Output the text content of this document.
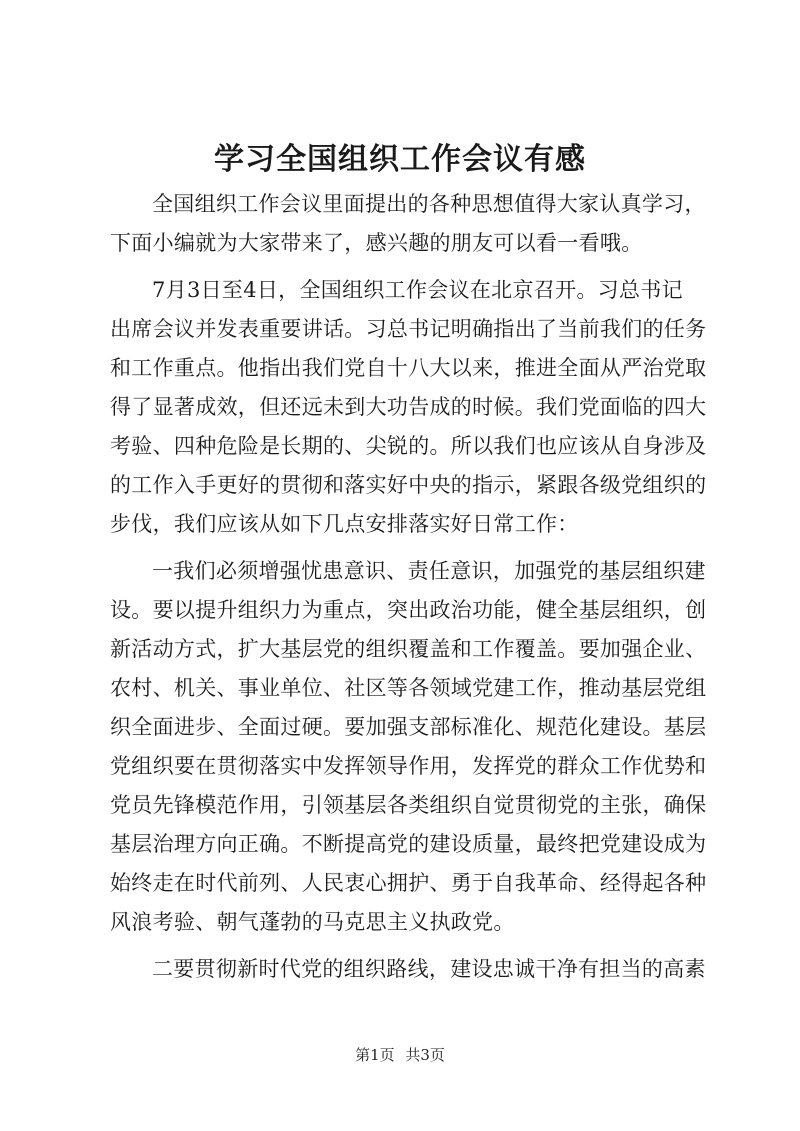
学习全国组织工作会议有感

全国组织工作会议里面提出的各种思想值得大家认真学习，
下面小编就为大家带来了，感兴趣的朋友可以看一看哦。

7月3日至4日，全国组织工作会议在北京召开。习总书记
出席会议并发表重要讲话。习总书记明确指出了当前我们的任务
和工作重点。他指出我们党自十八大以来，推进全面从严治党取
得了显著成效，但还远未到大功告成的时候。我们党面临的四大
考验、四种危险是长期的、尖锐的。所以我们也应该从自身涉及
的工作入手更好的贯彻和落实好中央的指示，紧跟各级党组织的
步伐，我们应该从如下几点安排落实好日常工作：

一我们必须增强忧患意识、责任意识，加强党的基层组织建
设。要以提升组织力为重点，突出政治功能，健全基层组织，创
新活动方式，扩大基层党的组织覆盖和工作覆盖。要加强企业、
农村、机关、事业单位、社区等各领域党建工作，推动基层党组
织全面进步、全面过硬。要加强支部标准化、规范化建设。基层
党组织要在贯彻落实中发挥领导作用，发挥党的群众工作优势和
党员先锋模范作用，引领基层各类组织自觉贯彻党的主张，确保
基层治理方向正确。不断提高党的建设质量，最终把党建设成为
始终走在时代前列、人民衷心拥护、勇于自我革命、经得起各种
风浪考验、朝气蓬勃的马克思主义执政党。

二要贯彻新时代党的组织路线，建设忠诚干净有担当的高素

第1页 共3页
